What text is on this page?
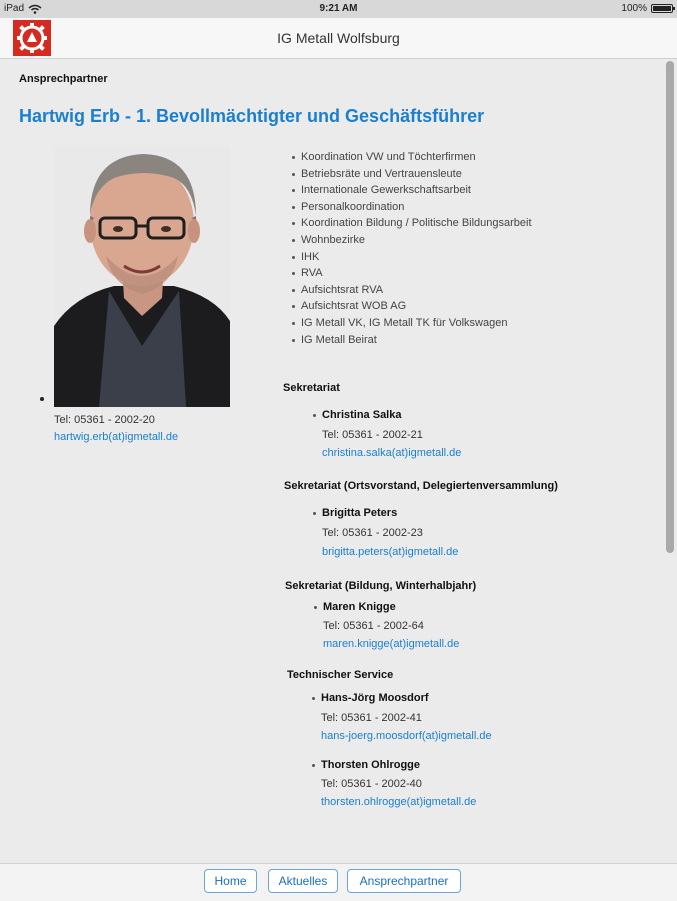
iPad	9:21 AM	100%
IG Metall Wolfsburg
Ansprechpartner
Hartwig Erb - 1. Bevollmächtigter und Geschäftsführer
Tel: 05361 - 2002-20
hartwig.erb(at)igmetall.de
Koordination VW und Töchterfirmen
Betriebsräte und Vertrauensleute
Internationale Gewerkschaftsarbeit
Personalkoordination
Koordination Bildung / Politische Bildungsarbeit
Wohnbezirke
IHK
RVA
Aufsichtsrat RVA
Aufsichtsrat WOB AG
IG Metall VK, IG Metall TK für Volkswagen
IG Metall Beirat
Sekretariat
Christina Salka
Tel: 05361 - 2002-21
christina.salka(at)igmetall.de
Sekretariat (Ortsvorstand, Delegiertenversammlung)
Brigitta Peters
Tel: 05361 - 2002-23
brigitta.peters(at)igmetall.de
Sekretariat (Bildung, Winterhalbjahr)
Maren Knigge
Tel: 05361 - 2002-64
maren.knigge(at)igmetall.de
Technischer Service
Hans-Jörg Moosdorf
Tel: 05361 - 2002-41
hans-joerg.moosdorf(at)igmetall.de
Thorsten Ohlrogge
Tel: 05361 - 2002-40
thorsten.ohlrogge(at)igmetall.de
Home	Aktuelles	Ansprechpartner
